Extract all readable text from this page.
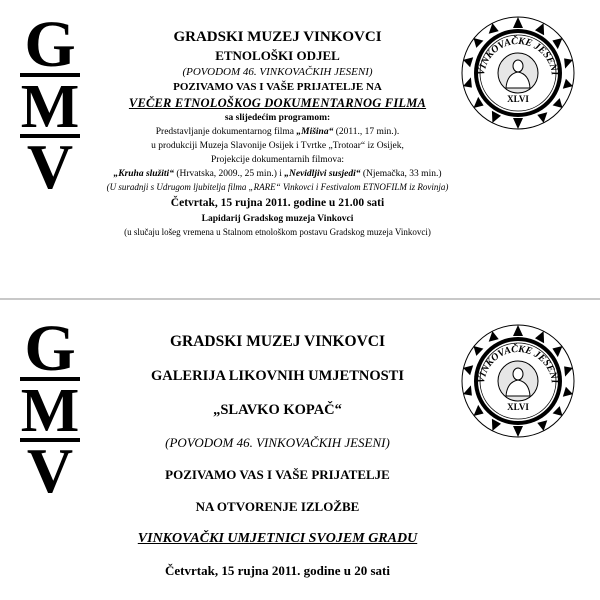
VINKOVAČKE JESENI
XLVI
GRADSKI MUZEJ VINKOVCI
ETNOLOŠKI ODJEL
(POVODOM 46. VINKOVAČKIH JESENI)
POZIVAMO VAS I VAŠE PRIJATELJE NA
VEČER ETNOLOŠKOG DOKUMENTARNOG FILMA
sa slijedećim programom:
Predstavljanje dokumentarnog filma „Mišina“ (2011., 17 min.).
u produkciji Muzeja Slavonije Osijek i Tvrtke „Trotoar“ iz Osijek,
Projekcije dokumentarnih filmova:
„Kruha služiti“ (Hrvatska, 2009., 25 min.) i „Nevidljivi susjedi“ (Njemačka, 33 min.)
(U suradnji s Udrugom ljubitelja filma „RARE“ Vinkovci i Festivalom ETNOFILM iz Rovinja)
Četvrtak, 15 rujna 2011. godine u 21.00 sati
Lapidarij Gradskog muzeja Vinkovci
(u slučaju lošeg vremena u Stalnom etnološkom postavu Gradskog muzeja Vinkovci)
VINKOVAČKE JESENI
XLVI
GRADSKI MUZEJ VINKOVCI
GALERIJA LIKOVNIH UMJETNOSTI
„SLAVKO KOPAČ“
(POVODOM 46. VINKOVAČKIH JESENI)
POZIVAMO VAS I VAŠE PRIJATELJE
NA OTVORENJE IZLOŽBE
VINKOVAČKI UMJETNICI SVOJEM GRADU
Četvrtak, 15 rujna 2011. godine u 20 sati
